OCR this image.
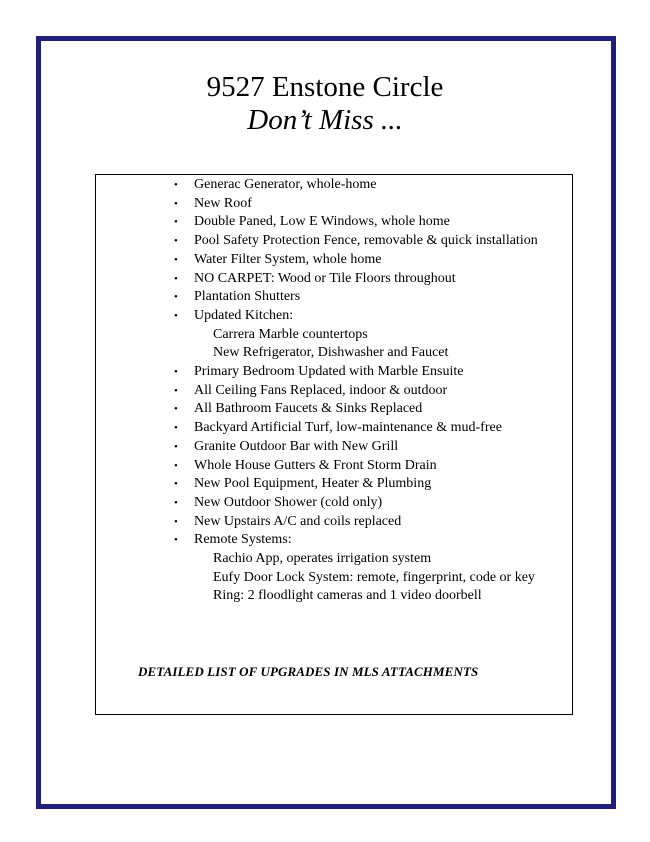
9527 Enstone Circle
Don’t Miss ...
• Generac Generator, whole-home
• New Roof
• Double Paned, Low E Windows, whole home
• Pool Safety Protection Fence, removable & quick installation
• Water Filter System, whole home
• NO CARPET: Wood or Tile Floors throughout
• Plantation Shutters
• Updated Kitchen:
Carrera Marble countertops
New Refrigerator, Dishwasher and Faucet
• Primary Bedroom Updated with Marble Ensuite
• All Ceiling Fans Replaced, indoor & outdoor
• All Bathroom Faucets & Sinks Replaced
• Backyard Artificial Turf, low-maintenance & mud-free
• Granite Outdoor Bar with New Grill
• Whole House Gutters & Front Storm Drain
• New Pool Equipment, Heater & Plumbing
• New Outdoor Shower (cold only)
• New Upstairs A/C and coils replaced
• Remote Systems:
Rachio App, operates irrigation system
Eufy Door Lock System: remote, fingerprint, code or key
Ring: 2 floodlight cameras and 1 video doorbell

DETAILED LIST OF UPGRADES IN MLS ATTACHMENTS
